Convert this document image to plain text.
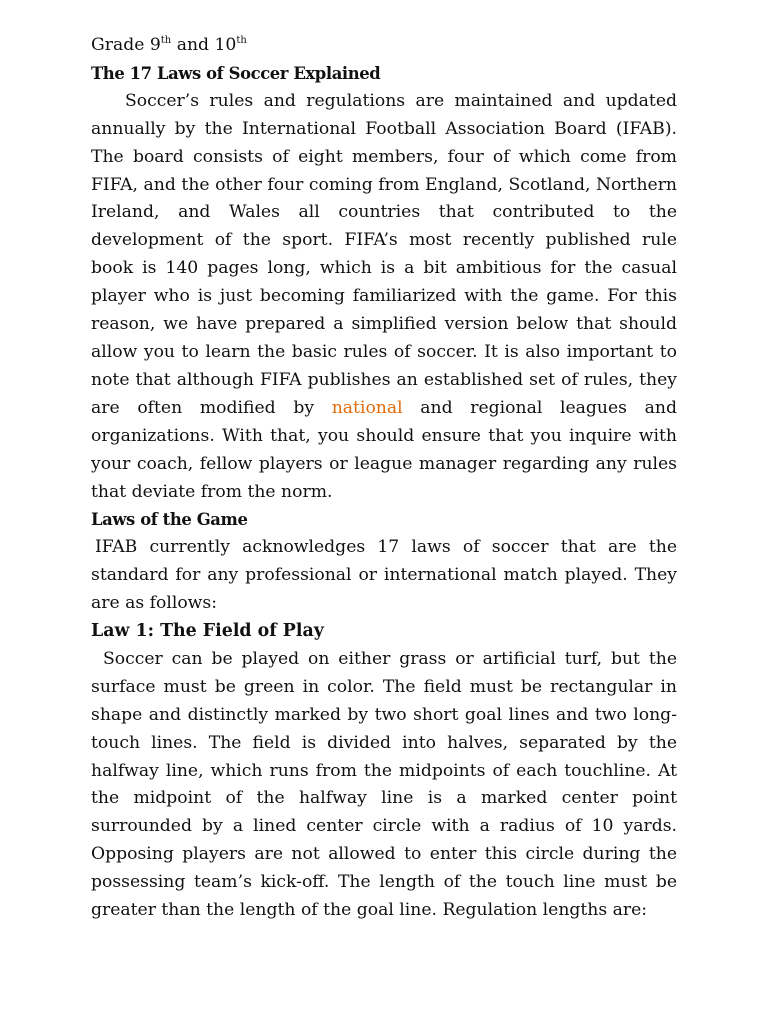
Grade 9th and 10th
The 17 Laws of Soccer Explained

Soccer’s rules and regulations are maintained and updated annually by the International Football Association Board (IFAB). The board consists of eight members, four of which come from FIFA, and the other four coming from England, Scotland, Northern Ireland, and Wales all countries that contributed to the development of the sport. FIFA’s most recently published rule book is 140 pages long, which is a bit ambitious for the casual player who is just becoming familiarized with the game. For this reason, we have prepared a simplified version below that should allow you to learn the basic rules of soccer. It is also important to note that although FIFA publishes an established set of rules, they are often modified by national and regional leagues and organizations. With that, you should ensure that you inquire with your coach, fellow players or league manager regarding any rules that deviate from the norm.

Laws of the Game

IFAB currently acknowledges 17 laws of soccer that are the standard for any professional or international match played. They are as follows:

Law 1: The Field of Play

Soccer can be played on either grass or artificial turf, but the surface must be green in color. The field must be rectangular in shape and distinctly marked by two short goal lines and two long-touch lines. The field is divided into halves, separated by the halfway line, which runs from the midpoints of each touchline. At the midpoint of the halfway line is a marked center point surrounded by a lined center circle with a radius of 10 yards. Opposing players are not allowed to enter this circle during the possessing team’s kick-off. The length of the touch line must be greater than the length of the goal line. Regulation lengths are:
